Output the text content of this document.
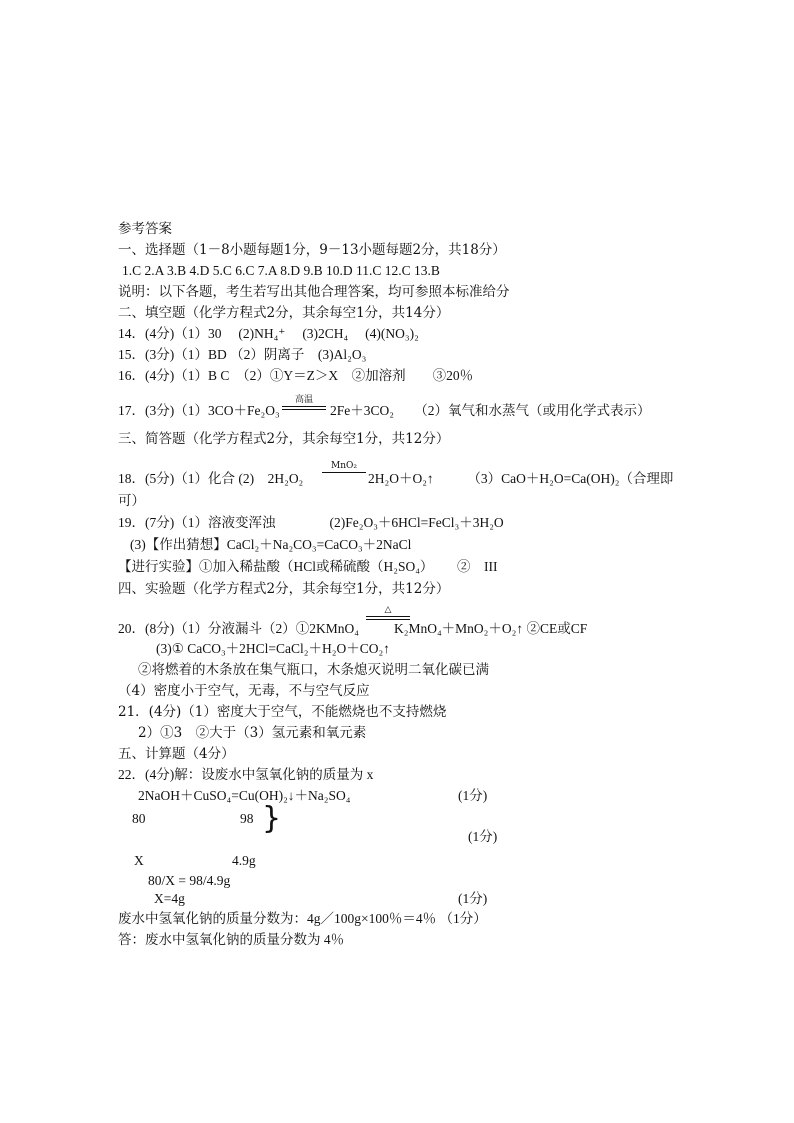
参考答案
一、选择题（1－8小题每题1分，9－13小题每题2分，共18分）
1.C 2.A 3.B 4.D 5.C 6.C 7.A 8.D 9.B 10.D 11.C 12.C 13.B
说明：以下各题，考生若写出其他合理答案，均可参照本标准给分
二、填空题（化学方程式2分，其余每空1分，共14分）
14．(4分)（1）30　 (2)NH₄⁺　 (3)2CH₄　 (4)(NO₃)₂
15．(3分)（1）BD （2）阴离子　(3)Al₂O₃
16．(4分)（1）B C　（2）①Y＝Z＞X　②加溶剂　　③20％
17．(3分)（1）3CO＋Fe₂O₃
高温
2Fe＋3CO₂　　（2）氧气和水蒸气（或用化学式表示）
三、简答题（化学方程式2分，其余每空1分，共12分）
18．(5分)（1）化合 (2)　2H₂O₂
MnO₂
2H₂O＋O₂↑　　　（3）CaO＋H₂O=Ca(OH)₂（合理即
可）
19．(7分)（1）溶液变浑浊　　　　(2)Fe₂O₃＋6HCl=FeCl₃＋3H₂O
(3)【作出猜想】CaCl₂＋Na₂CO₃=CaCO₃＋2NaCl
【进行实验】①加入稀盐酸（HCl或稀硫酸（H₂SO₄）　　 ②　III
四、实验题（化学方程式2分，其余每空1分，共12分）
△
20．(8分)（1）分液漏斗（2）①2KMnO₄	K₂MnO₄＋MnO₂＋O₂↑ ②CE或CF
(3)① CaCO₃＋2HCl=CaCl₂＋H₂O＋CO₂↑
②将燃着的木条放在集气瓶口，木条熄灭说明二氧化碳已满
（4）密度小于空气，无毒，不与空气反应
21．(4分)（1）密度大于空气，不能燃烧也不支持燃烧
2）①3　②大于（3）氢元素和氧元素
五、计算题（4分）
22．(4分)解：设废水中氢氧化钠的质量为 x
2NaOH＋CuSO₄=Cu(OH)₂↓＋Na₂SO₄	(1分)
80	98 }
(1分)
X	4.9g
80/X = 98/4.9g
X=4g	(1分)
废水中氢氧化钠的质量分数为：4g／100g×100％＝4％ （1分）
答：废水中氢氧化钠的质量分数为 4％
